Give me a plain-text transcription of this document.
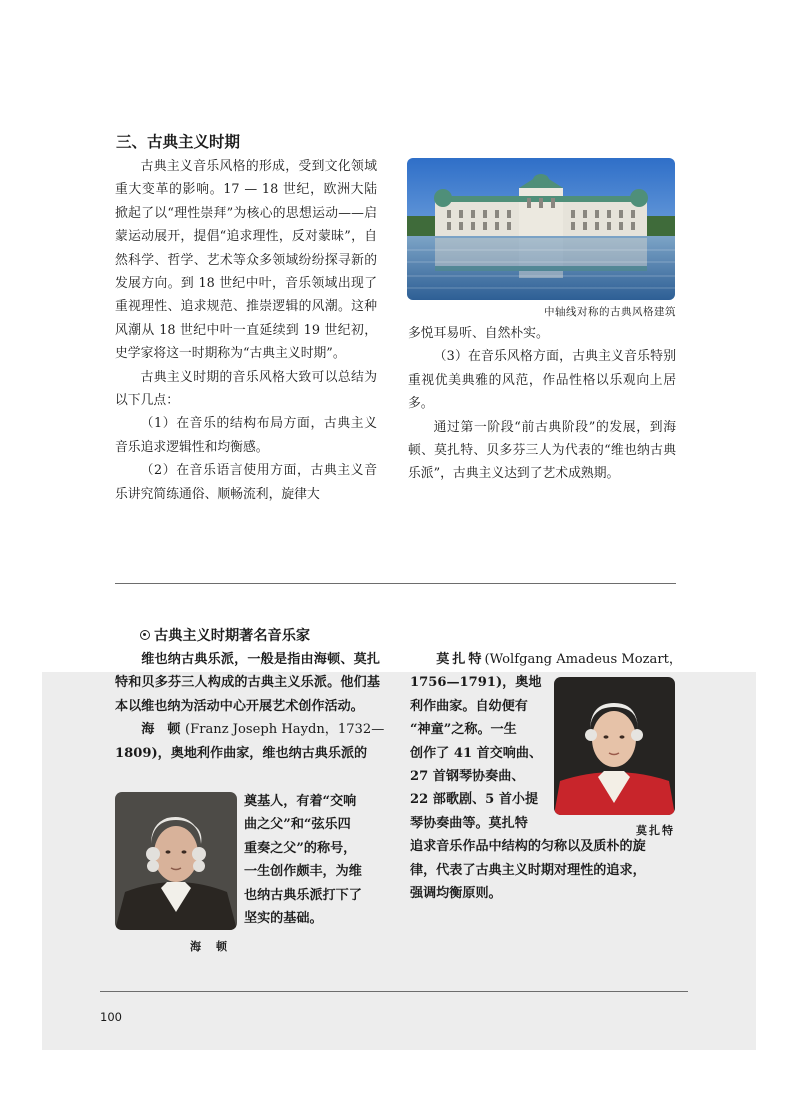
三、古典主义时期

古典主义音乐风格的形成，受到文化领域重大变革的影响。17 — 18 世纪，欧洲大陆掀起了以“理性崇拜”为核心的思想运动——启蒙运动展开，提倡“追求理性，反对蒙昧”，自然科学、哲学、艺术等众多领域纷纷探寻新的发展方向。到 18 世纪中叶，音乐领域出现了重视理性、追求规范、推崇逻辑的风潮。这种风潮从 18 世纪中叶一直延续到 19 世纪初，史学家将这一时期称为“古典主义时期”。

古典主义时期的音乐风格大致可以总结为以下几点：

（1）在音乐的结构布局方面，古典主义音乐追求逻辑性和均衡感。

（2）在音乐语言使用方面，古典主义音乐讲究简练通俗、顺畅流利，旋律大

中轴线对称的古典风格建筑

多悦耳易听、自然朴实。

（3）在音乐风格方面，古典主义音乐特别重视优美典雅的风范，作品性格以乐观向上居多。

通过第一阶段“前古典阶段”的发展，到海顿、莫扎特、贝多芬三人为代表的“维也纳古典乐派”，古典主义达到了艺术成熟期。

古典主义时期著名音乐家

维也纳古典乐派，一般是指由海顿、莫扎特和贝多芬三人构成的古典主义乐派。他们基本以维也纳为活动中心开展艺术创作活动。

海　顿 (Franz Joseph Haydn，1732—

1809)，奥地利作曲家，维也纳古典乐派的

海　顿
奠基人，有着“交响
曲之父”和“弦乐四
重奏之父”的称号，
一生创作颇丰，为维
也纳古典乐派打下了
坚实的基础。
莫扎特(Wolfgang Amadeus Mozart，
1756—1791)，奥地
利作曲家。自幼便有
“神童”之称。一生
创作了 41 首交响曲、
27 首钢琴协奏曲、
22 部歌剧、5 首小提
琴协奏曲等。莫扎特
追求音乐作品中结构的匀称以及质朴的旋
律，代表了古典主义时期对理性的追求，
强调均衡原则。
莫扎特
100
